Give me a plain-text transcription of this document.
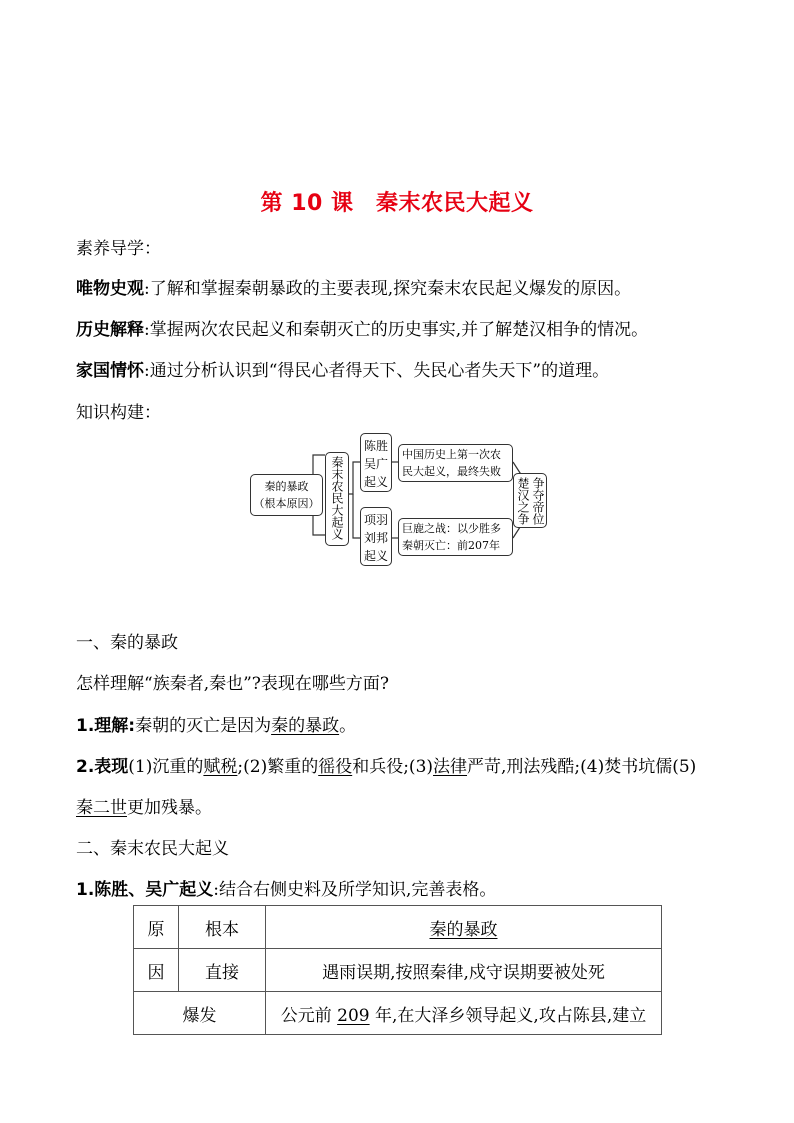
第 10 课　秦末农民大起义
素养导学：
唯物史观:了解和掌握秦朝暴政的主要表现,探究秦末农民起义爆发的原因。
历史解释:掌握两次农民起义和秦朝灭亡的历史事实,并了解楚汉相争的情况。
家国情怀:通过分析认识到“得民心者得天下、失民心者失天下”的道理。
知识构建：
秦的暴政
（根本原因） 秦末农民大起义
陈胜吴广起义
项羽刘邦起义
中国历史上第一次农
民大起义，最终失败
巨鹿之战：以少胜多
秦朝灭亡：前207年
争夺帝位楚汉之争
一、秦的暴政
怎样理解“族秦者,秦也”?表现在哪些方面?
1.理解:秦朝的灭亡是因为秦的暴政。
2.表现(1)沉重的赋税;(2)繁重的徭役和兵役;(3)法律严苛,刑法残酷;(4)焚书坑儒(5)
秦二世更加残暴。
二、秦末农民大起义
1.陈胜、吴广起义:结合右侧史料及所学知识,完善表格。
原	根本	秦的暴政
因	直接	遇雨误期,按照秦律,戍守误期要被处死
爆发		公元前 209 年,在大泽乡领导起义,攻占陈县,建立
